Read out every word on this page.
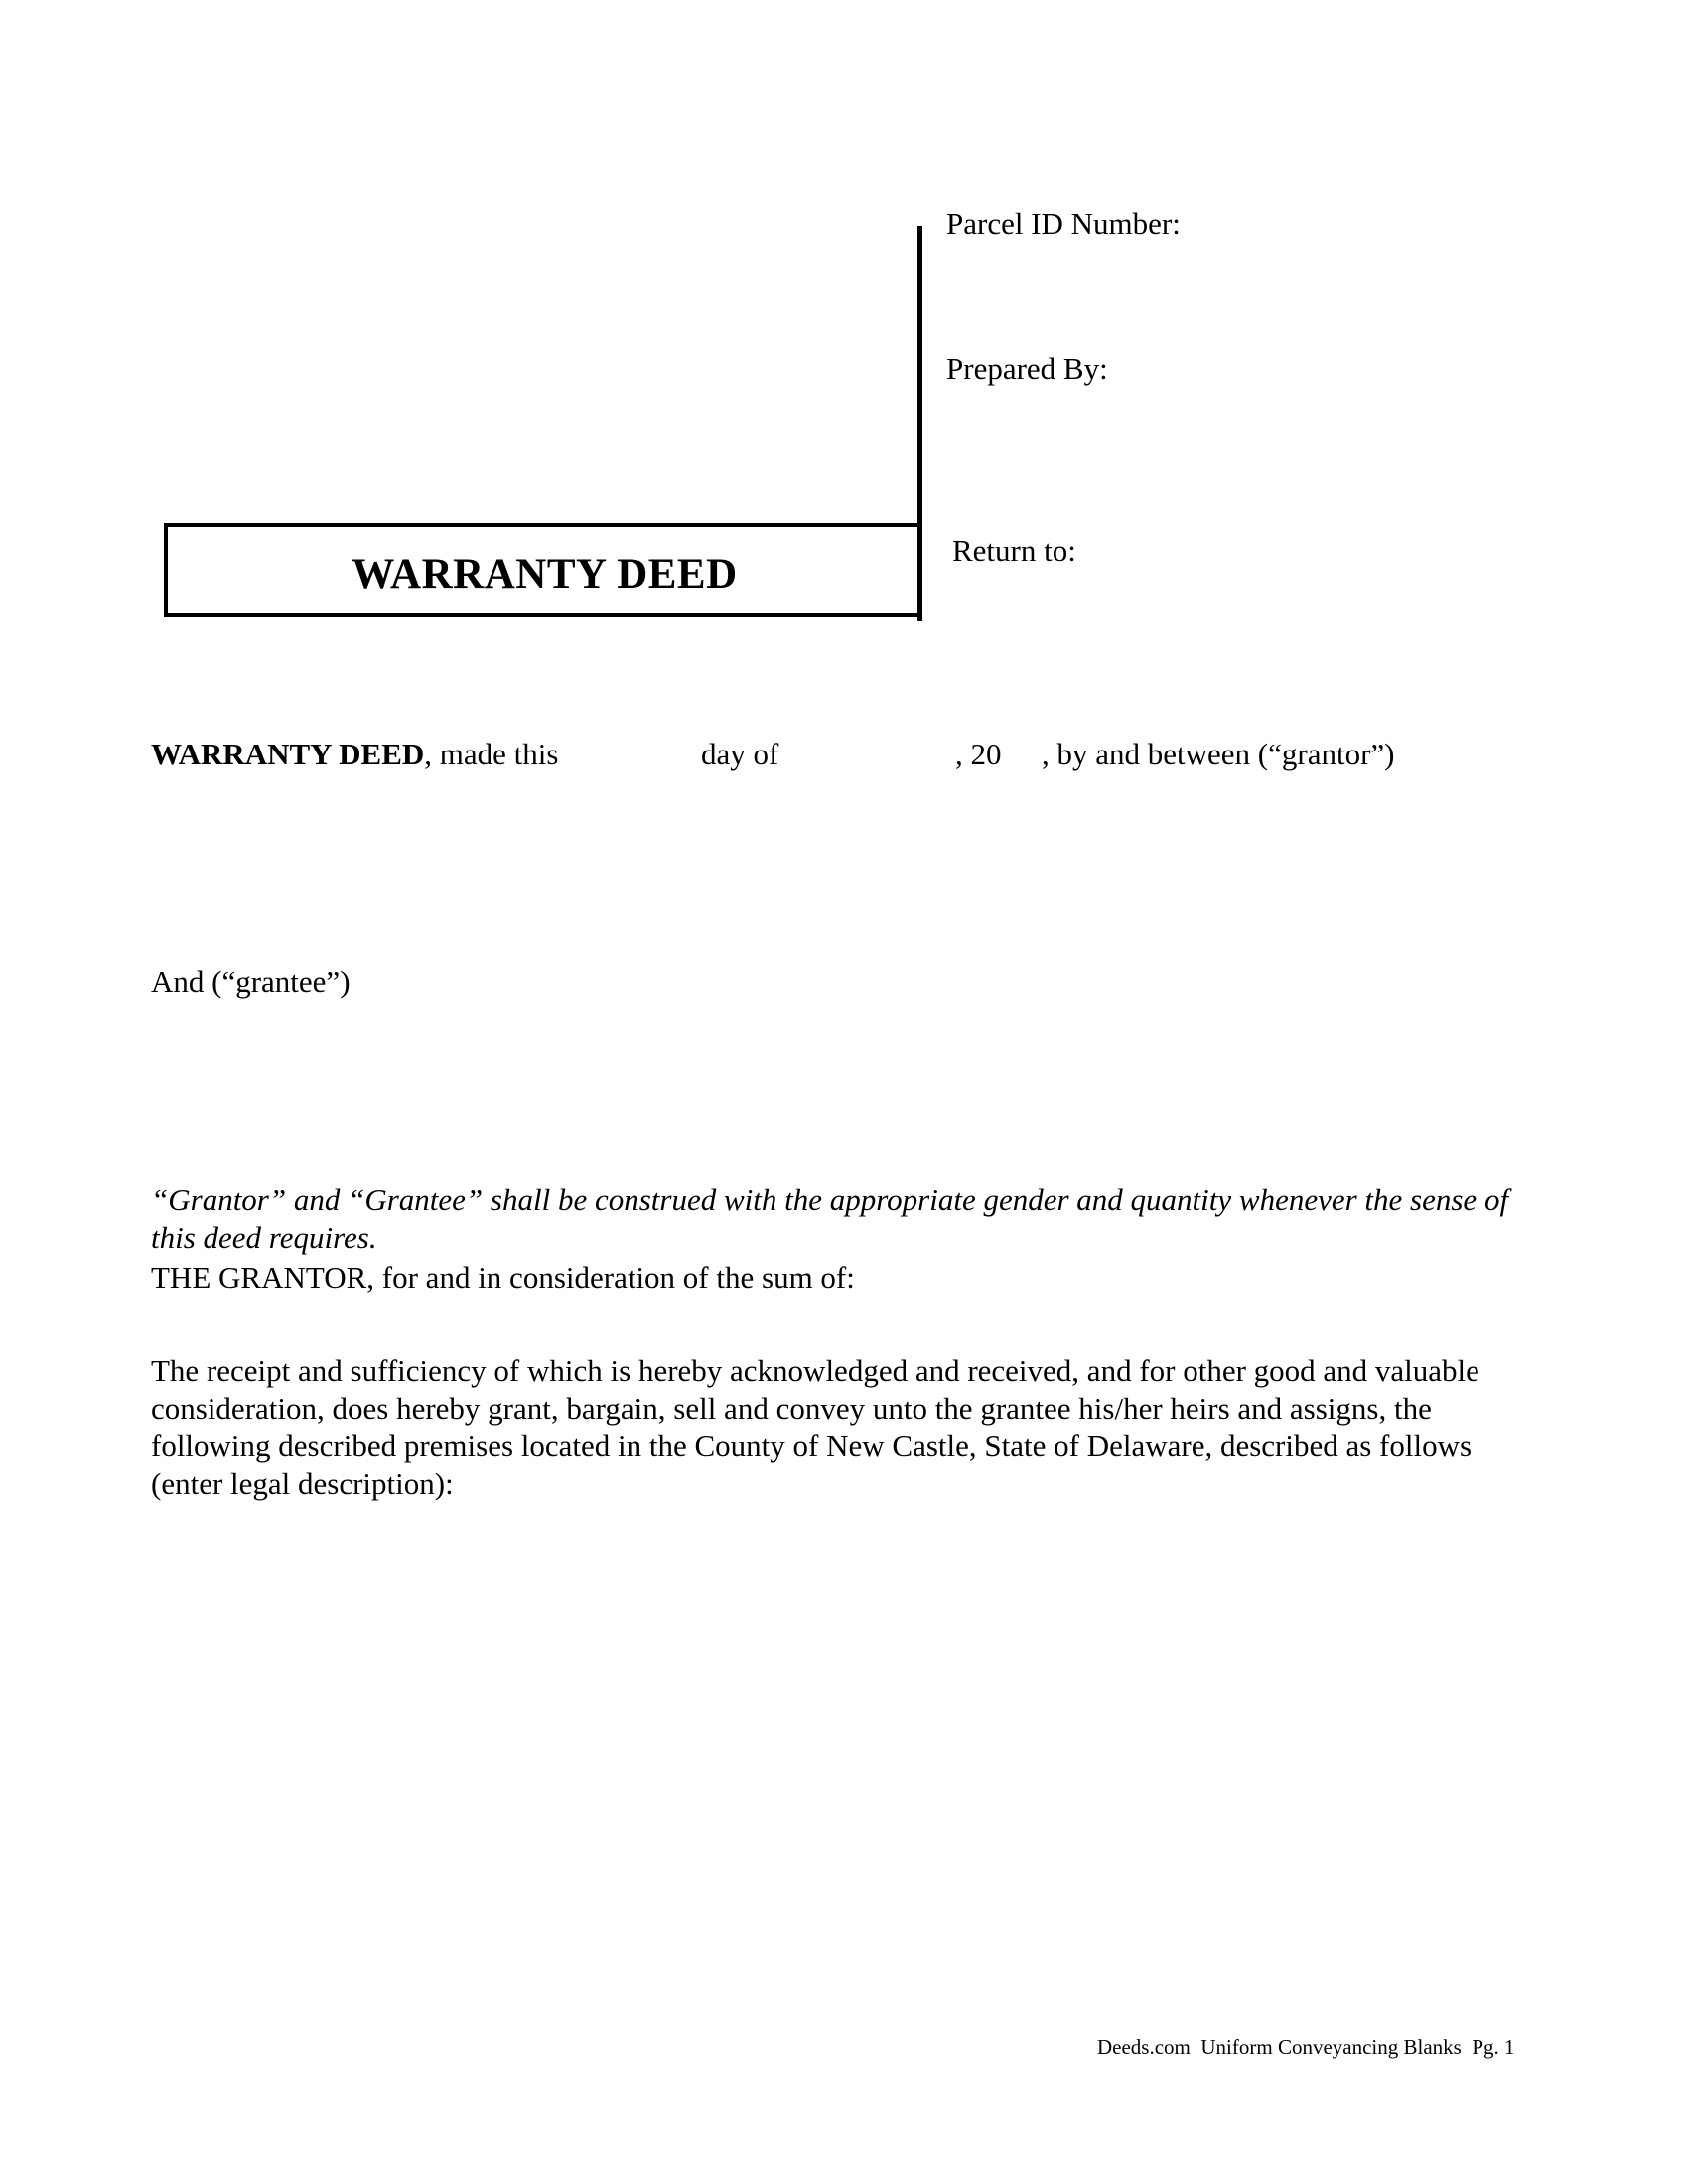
Parcel ID Number:
Prepared By:
Return to:
WARRANTY DEED
WARRANTY DEED, made this	day of	, 20 , by and between (“grantor”)
And (“grantee”)
“Grantor” and “Grantee” shall be construed with the appropriate gender and quantity whenever the sense of this deed requires.
THE GRANTOR, for and in consideration of the sum of:
The receipt and sufficiency of which is hereby acknowledged and received, and for other good and valuable consideration, does hereby grant, bargain, sell and convey unto the grantee his/her heirs and assigns, the following described premises located in the County of New Castle, State of Delaware, described as follows (enter legal description):
Deeds.com Uniform Conveyancing Blanks Pg. 1
